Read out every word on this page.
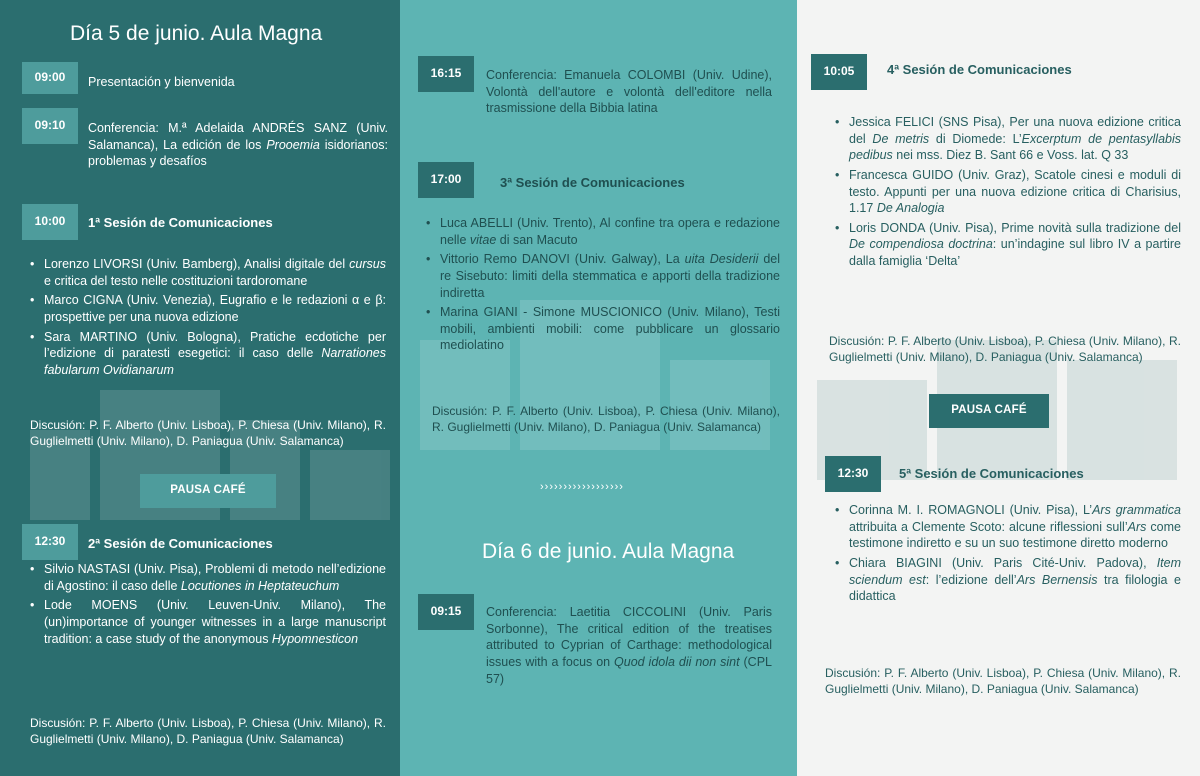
Día 5 de junio. Aula Magna
09:00	Presentación y bienvenida
09:10	Conferencia: M.ª Adelaida ANDRÉS SANZ (Univ. Salamanca), La edición de los Prooemia isidorianos: problemas y desafíos
10:00	1ª Sesión de Comunicaciones
• Lorenzo LIVORSI (Univ. Bamberg), Analisi digitale del cursus e critica del testo nelle costituzioni tardoromane
• Marco CIGNA (Univ. Venezia), Eugrafio e le redazioni α e β: prospettive per una nuova edizione
• Sara MARTINO (Univ. Bologna), Pratiche ecdotiche per l’edizione di paratesti esegetici: il caso delle Narrationes fabularum Ovidianarum
Discusión: P. F. Alberto (Univ. Lisboa), P. Chiesa (Univ. Milano), R. Guglielmetti (Univ. Milano), D. Paniagua (Univ. Salamanca)
PAUSA CAFÉ
12:30	2ª Sesión de Comunicaciones
• Silvio NASTASI (Univ. Pisa), Problemi di metodo nell’edizione di Agostino: il caso delle Locutiones in Heptateuchum
• Lode MOENS (Univ. Leuven-Univ. Milano), The (un)importance of younger witnesses in a large manuscript tradition: a case study of the anonymous Hypomnesticon
Discusión: P. F. Alberto (Univ. Lisboa), P. Chiesa (Univ. Milano), R. Guglielmetti (Univ. Milano), D. Paniagua (Univ. Salamanca)
16:15	Conferencia: Emanuela COLOMBI (Univ. Udine), Volontà dell'autore e volontà dell'editore nella trasmissione della Bibbia latina
17:00	3ª Sesión de Comunicaciones
• Luca ABELLI (Univ. Trento), Al confine tra opera e redazione nelle vitae di san Macuto
• Vittorio Remo DANOVI (Univ. Galway), La uita Desiderii del re Sisebuto: limiti della stemmatica e apporti della tradizione indiretta
• Marina GIANI - Simone MUSCIONICO (Univ. Milano), Testi mobili, ambienti mobili: come pubblicare un glossario mediolatino
Discusión: P. F. Alberto (Univ. Lisboa), P. Chiesa (Univ. Milano), R. Guglielmetti (Univ. Milano), D. Paniagua (Univ. Salamanca)
››››››››››››››››››
Día 6 de junio. Aula Magna
09:15	Conferencia: Laetitia CICCOLINI (Univ. Paris Sorbonne), The critical edition of the treatises attributed to Cyprian of Carthage: methodological issues with a focus on Quod idola dii non sint (CPL 57)
10:05	4ª Sesión de Comunicaciones
• Jessica FELICI (SNS Pisa), Per una nuova edizione critica del De metris di Diomede: L’Excerptum de pentasyllabis pedibus nei mss. Diez B. Sant 66 e Voss. lat. Q 33
• Francesca GUIDO (Univ. Graz), Scatole cinesi e moduli di testo. Appunti per una nuova edizione critica di Charisius, 1.17 De Analogia
• Loris DONDA (Univ. Pisa), Prime novità sulla tradizione del De compendiosa doctrina: un’indagine sul libro IV a partire dalla famiglia ‘Delta’
Discusión: P. F. Alberto (Univ. Lisboa), P. Chiesa (Univ. Milano), R. Guglielmetti (Univ. Milano), D. Paniagua (Univ. Salamanca)
PAUSA CAFÉ
12:30	5ª Sesión de Comunicaciones
• Corinna M. I. ROMAGNOLI (Univ. Pisa), L’Ars grammatica attribuita a Clemente Scoto: alcune riflessioni sull’Ars come testimone indiretto e su un suo testimone diretto moderno
• Chiara BIAGINI (Univ. Paris Cité-Univ. Padova), Item sciendum est: l’edizione dell’Ars Bernensis tra filologia e didattica
Discusión: P. F. Alberto (Univ. Lisboa), P. Chiesa (Univ. Milano), R. Guglielmetti (Univ. Milano), D. Paniagua (Univ. Salamanca)
